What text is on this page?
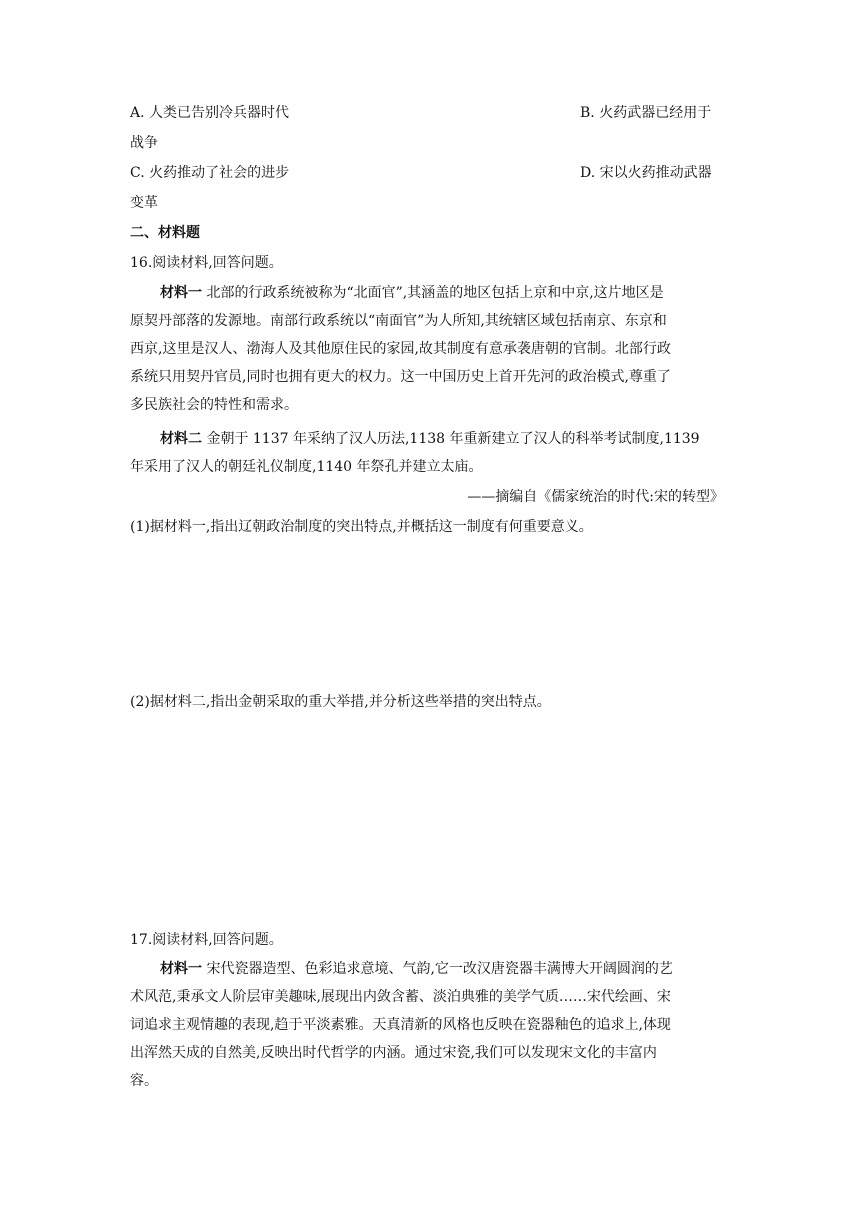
A. 人类已告别冷兵器时代	B. 火药武器已经用于
战争
C. 火药推动了社会的进步	D. 宋以火药推动武器
变革
二、材料题
16.阅读材料,回答问题。
材料一 北部的行政系统被称为“北面官”,其涵盖的地区包括上京和中京,这片地区是
原契丹部落的发源地。南部行政系统以“南面官”为人所知,其统辖区域包括南京、东京和
西京,这里是汉人、渤海人及其他原住民的家园,故其制度有意承袭唐朝的官制。北部行政
系统只用契丹官员,同时也拥有更大的权力。这一中国历史上首开先河的政治模式,尊重了
多民族社会的特性和需求。
材料二 金朝于 1137 年采纳了汉人历法,1138 年重新建立了汉人的科举考试制度,1139
年采用了汉人的朝廷礼仪制度,1140 年祭孔并建立太庙。
——摘编自《儒家统治的时代:宋的转型》
(1)据材料一,指出辽朝政治制度的突出特点,并概括这一制度有何重要意义。
(2)据材料二,指出金朝采取的重大举措,并分析这些举措的突出特点。
17.阅读材料,回答问题。
材料一 宋代瓷器造型、色彩追求意境、气韵,它一改汉唐瓷器丰满博大开阔圆润的艺
术风范,秉承文人阶层审美趣味,展现出内敛含蓄、淡泊典雅的美学气质……宋代绘画、宋
词追求主观情趣的表现,趋于平淡素雅。天真清新的风格也反映在瓷器釉色的追求上,体现
出浑然天成的自然美,反映出时代哲学的内涵。通过宋瓷,我们可以发现宋文化的丰富内
容。
